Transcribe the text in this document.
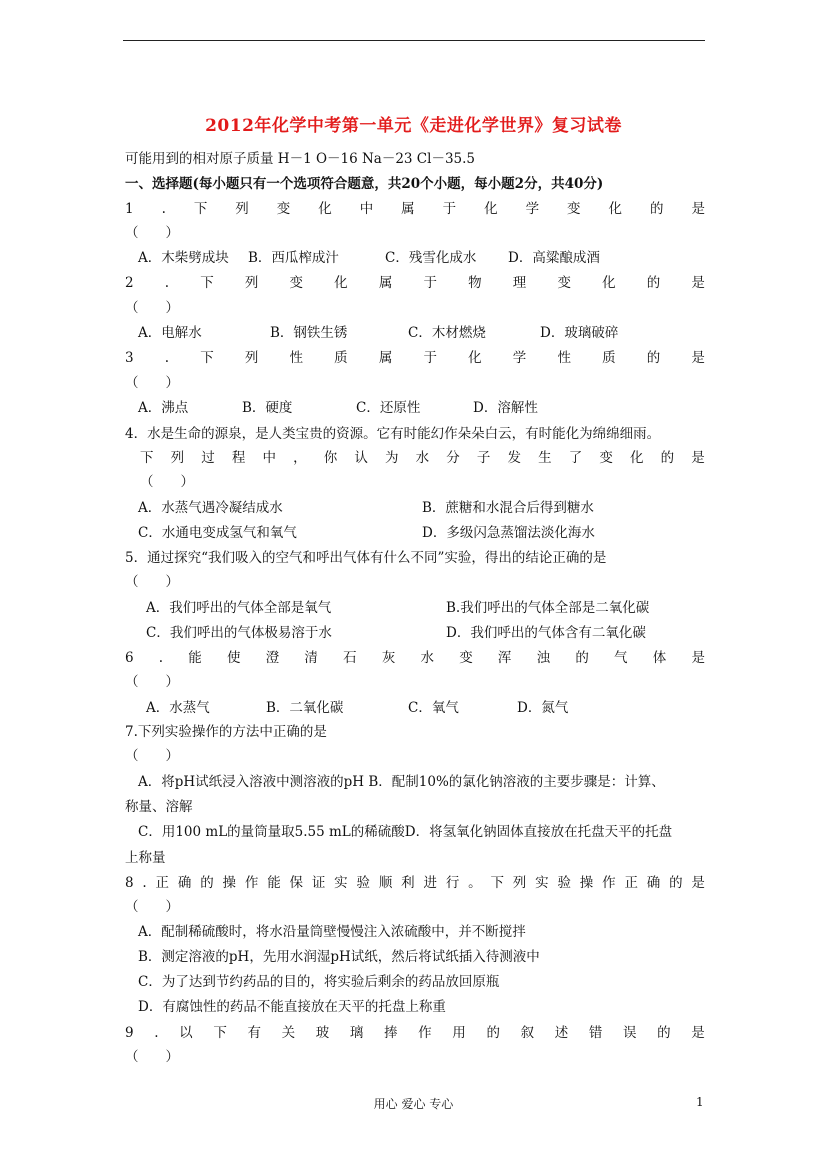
2012年化学中考第一单元《走进化学世界》复习试卷
可能用到的相对原子质量 H－1 O－16 Na－23 Cl－35.5
一、选择题(每小题只有一个选项符合题意，共20个小题，每小题2分，共40分)
1 . 下 列 变 化 中 属 于 化 学 变 化 的 是
（　　）
A．木柴劈成块 B．西瓜榨成汁	C．残雪化成水 D．高粱酿成酒
2 . 下 列 变 化 属 于 物 理 变 化 的 是
（　　）
A．电解水	B．钢铁生锈	C．木材燃烧	D．玻璃破碎
3 . 下 列 性 质 属 于 化 学 性 质 的 是
（　　）
A．沸点	B．硬度	C．还原性	D．溶解性
4．水是生命的源泉，是人类宝贵的资源。它有时能幻作朵朵白云，有时能化为绵绵细雨。
下 列 过 程 中 ， 你 认 为 水 分 子 发 生 了 变 化 的 是
（　　）
A．水蒸气遇冷凝结成水	B．蔗糖和水混合后得到糖水
C．水通电变成氢气和氧气	D．多级闪急蒸馏法淡化海水
5．通过探究“我们吸入的空气和呼出气体有什么不同”实验，得出的结论正确的是
（　　）
A．我们呼出的气体全部是氧气	B.我们呼出的气体全部是二氧化碳
C．我们呼出的气体极易溶于水	D．我们呼出的气体含有二氧化碳
6 . 能 使 澄 清 石 灰 水 变 浑 浊 的 气 体 是
（　　）
A．水蒸气	B．二氧化碳	C．氧气	D．氮气
7.下列实验操作的方法中正确的是
（　　）
A．将pH试纸浸入溶液中测溶液的pH B．配制10%的氯化钠溶液的主要步骤是：计算、
称量、溶解
C．用100 mL的量筒量取5.55 mL的稀硫酸D．将氢氧化钠固体直接放在托盘天平的托盘
上称量
8 . 正 确 的 操 作 能 保 证 实 验 顺 利 进 行 。 下 列 实 验 操 作 正 确 的 是
（　　）
A．配制稀硫酸时，将水沿量筒壁慢慢注入浓硫酸中，并不断搅拌
B．测定溶液的pH，先用水润湿pH试纸，然后将试纸插入待测液中
C．为了达到节约药品的目的，将实验后剩余的药品放回原瓶
D．有腐蚀性的药品不能直接放在天平的托盘上称重
9 . 以 下 有 关 玻 璃 捧 作 用 的 叙 述 错 误 的 是
（　　）
用心 爱心 专心	1
